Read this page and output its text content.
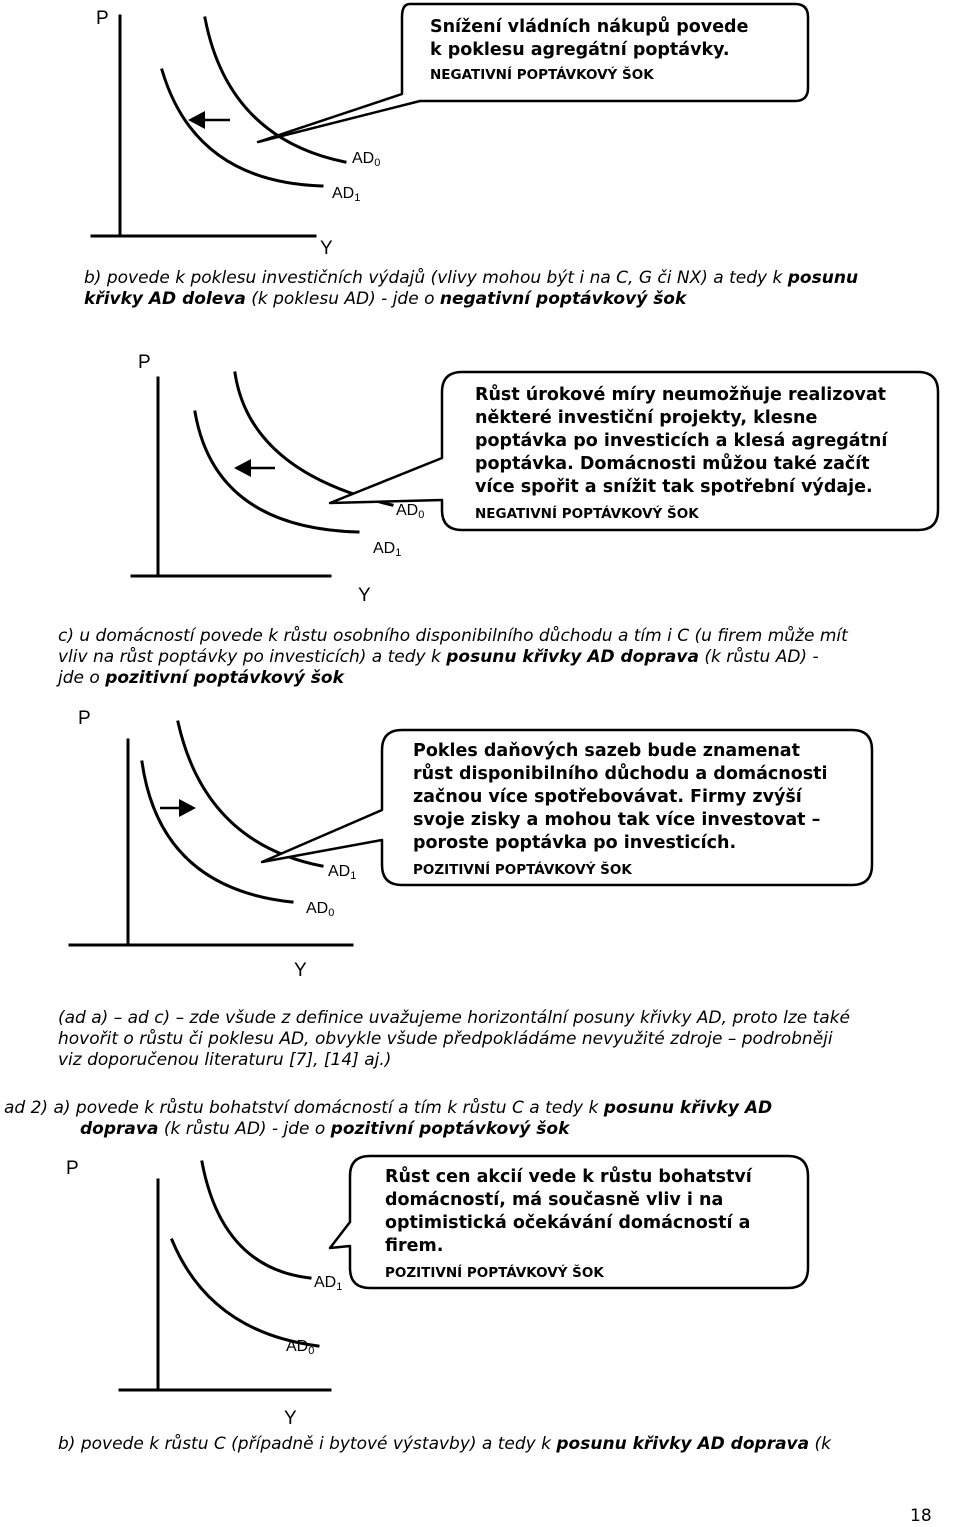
P
Y
$AD_0$
$AD_1$
Snížení vládních nákupů povede
k poklesu agregátní poptávky.
NEGATIVNÍ POPTÁVKOVÝ ŠOK
b) povede k poklesu investičních výdajů (vlivy mohou být i na C, G či NX) a tedy k posunu
křivky AD doleva (k poklesu AD) - jde o negativní poptávkový šok
P
Y
$AD_0$
$AD_1$
Růst úrokové míry neumožňuje realizovat
některé investiční projekty, klesne
poptávka po investicích a klesá agregátní
poptávka. Domácnosti můžou také začít
více spořit a snížit tak spotřební výdaje.
NEGATIVNÍ POPTÁVKOVÝ ŠOK
c) u domácností povede k růstu osobního disponibilního důchodu a tím i C (u firem může mít
vliv na růst poptávky po investicích) a tedy k posunu křivky AD doprava (k růstu AD) -
jde o pozitivní poptávkový šok
P
Y
$AD_1$
$AD_0$
Pokles daňových sazeb bude znamenat
růst disponibilního důchodu a domácnosti
začnou více spotřebovávat. Firmy zvýší
svoje zisky a mohou tak více investovat –
poroste poptávka po investicích.
POZITIVNÍ POPTÁVKOVÝ ŠOK
(ad a) – ad c) – zde všude z definice uvažujeme horizontální posuny křivky AD, proto lze také
hovořit o růstu či poklesu AD, obvykle všude předpokládáme nevyužité zdroje – podrobněji
viz doporučenou literaturu [7], [14] aj.)
ad 2) a) povede k růstu bohatství domácností a tím k růstu C a tedy k posunu křivky AD
doprava (k růstu AD) - jde o pozitivní poptávkový šok
P
Y
$AD_1$
$AD_0$
Růst cen akcií vede k růstu bohatství
domácností, má současně vliv i na
optimistická očekávání domácností a
firem.
POZITIVNÍ POPTÁVKOVÝ ŠOK
b) povede k růstu C (případně i bytové výstavby) a tedy k posunu křivky AD doprava (k
18
